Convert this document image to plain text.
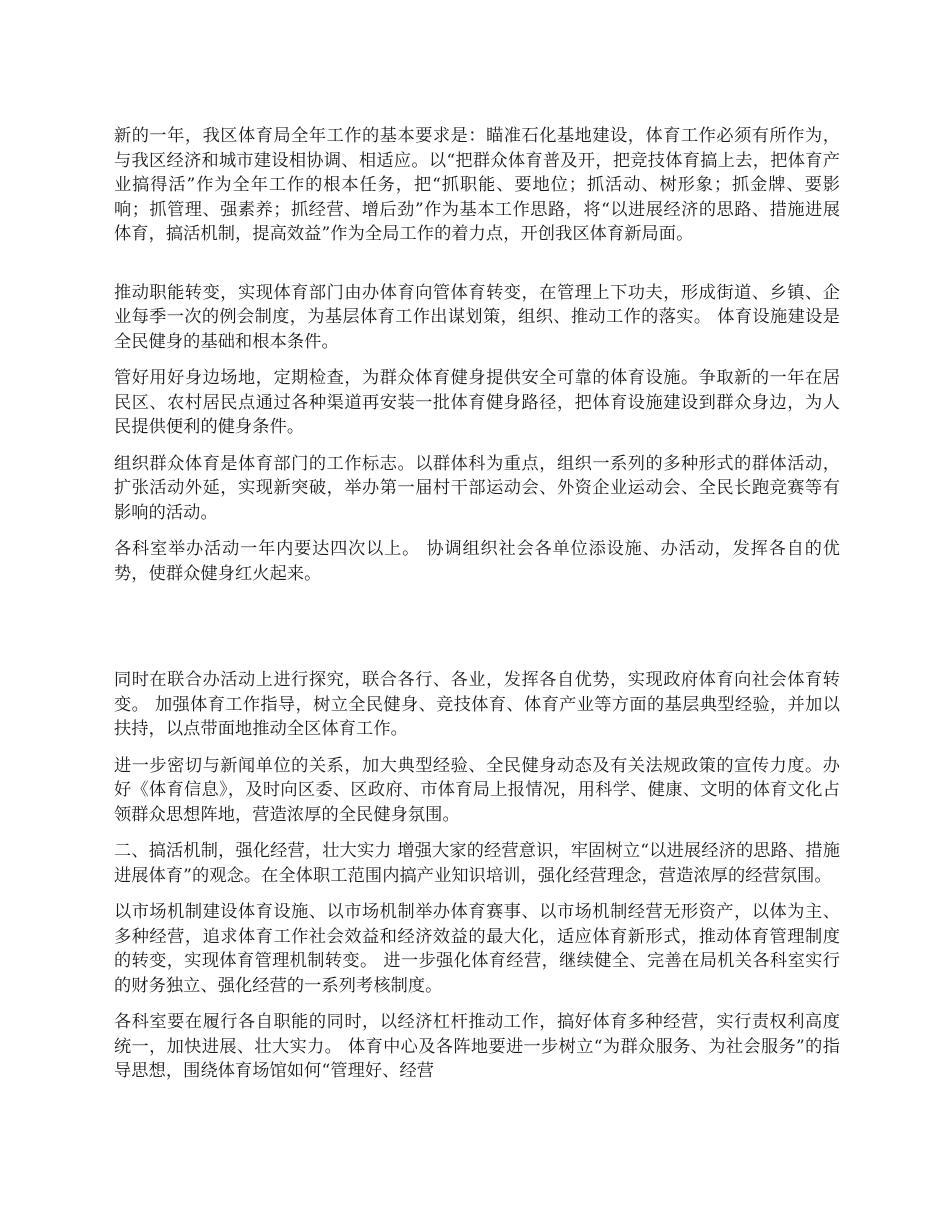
新的一年，我区体育局全年工作的基本要求是：瞄准石化基地建设，体育工作必须有所作为，与我区经济和城市建设相协调、相适应。以“把群众体育普及开，把竞技体育搞上去，把体育产业搞得活”作为全年工作的根本任务，把“抓职能、要地位；抓活动、树形象；抓金牌、要影响；抓管理、强素养；抓经营、增后劲”作为基本工作思路，将“以进展经济的思路、措施进展体育，搞活机制，提高效益”作为全局工作的着力点，开创我区体育新局面。

推动职能转变，实现体育部门由办体育向管体育转变，在管理上下功夫，形成街道、乡镇、企业每季一次的例会制度，为基层体育工作出谋划策，组织、推动工作的落实。 体育设施建设是全民健身的基础和根本条件。

管好用好身边场地，定期检查，为群众体育健身提供安全可靠的体育设施。争取新的一年在居民区、农村居民点通过各种渠道再安装一批体育健身路径，把体育设施建设到群众身边，为人民提供便利的健身条件。

组织群众体育是体育部门的工作标志。以群体科为重点，组织一系列的多种形式的群体活动，扩张活动外延，实现新突破，举办第一届村干部运动会、外资企业运动会、全民长跑竞赛等有影响的活动。

各科室举办活动一年内要达四次以上。 协调组织社会各单位添设施、办活动，发挥各自的优势，使群众健身红火起来。

同时在联合办活动上进行探究，联合各行、各业，发挥各自优势，实现政府体育向社会体育转变。 加强体育工作指导，树立全民健身、竞技体育、体育产业等方面的基层典型经验，并加以扶持，以点带面地推动全区体育工作。

进一步密切与新闻单位的关系，加大典型经验、全民健身动态及有关法规政策的宣传力度。办好《体育信息》，及时向区委、区政府、市体育局上报情况，用科学、健康、文明的体育文化占领群众思想阵地，营造浓厚的全民健身氛围。

二、搞活机制，强化经营，壮大实力 增强大家的经营意识，牢固树立“以进展经济的思路、措施进展体育”的观念。在全体职工范围内搞产业知识培训，强化经营理念，营造浓厚的经营氛围。

以市场机制建设体育设施、以市场机制举办体育赛事、以市场机制经营无形资产，以体为主、多种经营，追求体育工作社会效益和经济效益的最大化，适应体育新形式，推动体育管理制度的转变，实现体育管理机制转变。 进一步强化体育经营，继续健全、完善在局机关各科室实行的财务独立、强化经营的一系列考核制度。

各科室要在履行各自职能的同时，以经济杠杆推动工作，搞好体育多种经营，实行责权利高度统一，加快进展、壮大实力。 体育中心及各阵地要进一步树立“为群众服务、为社会服务”的指导思想，围绕体育场馆如何“管理好、经营
